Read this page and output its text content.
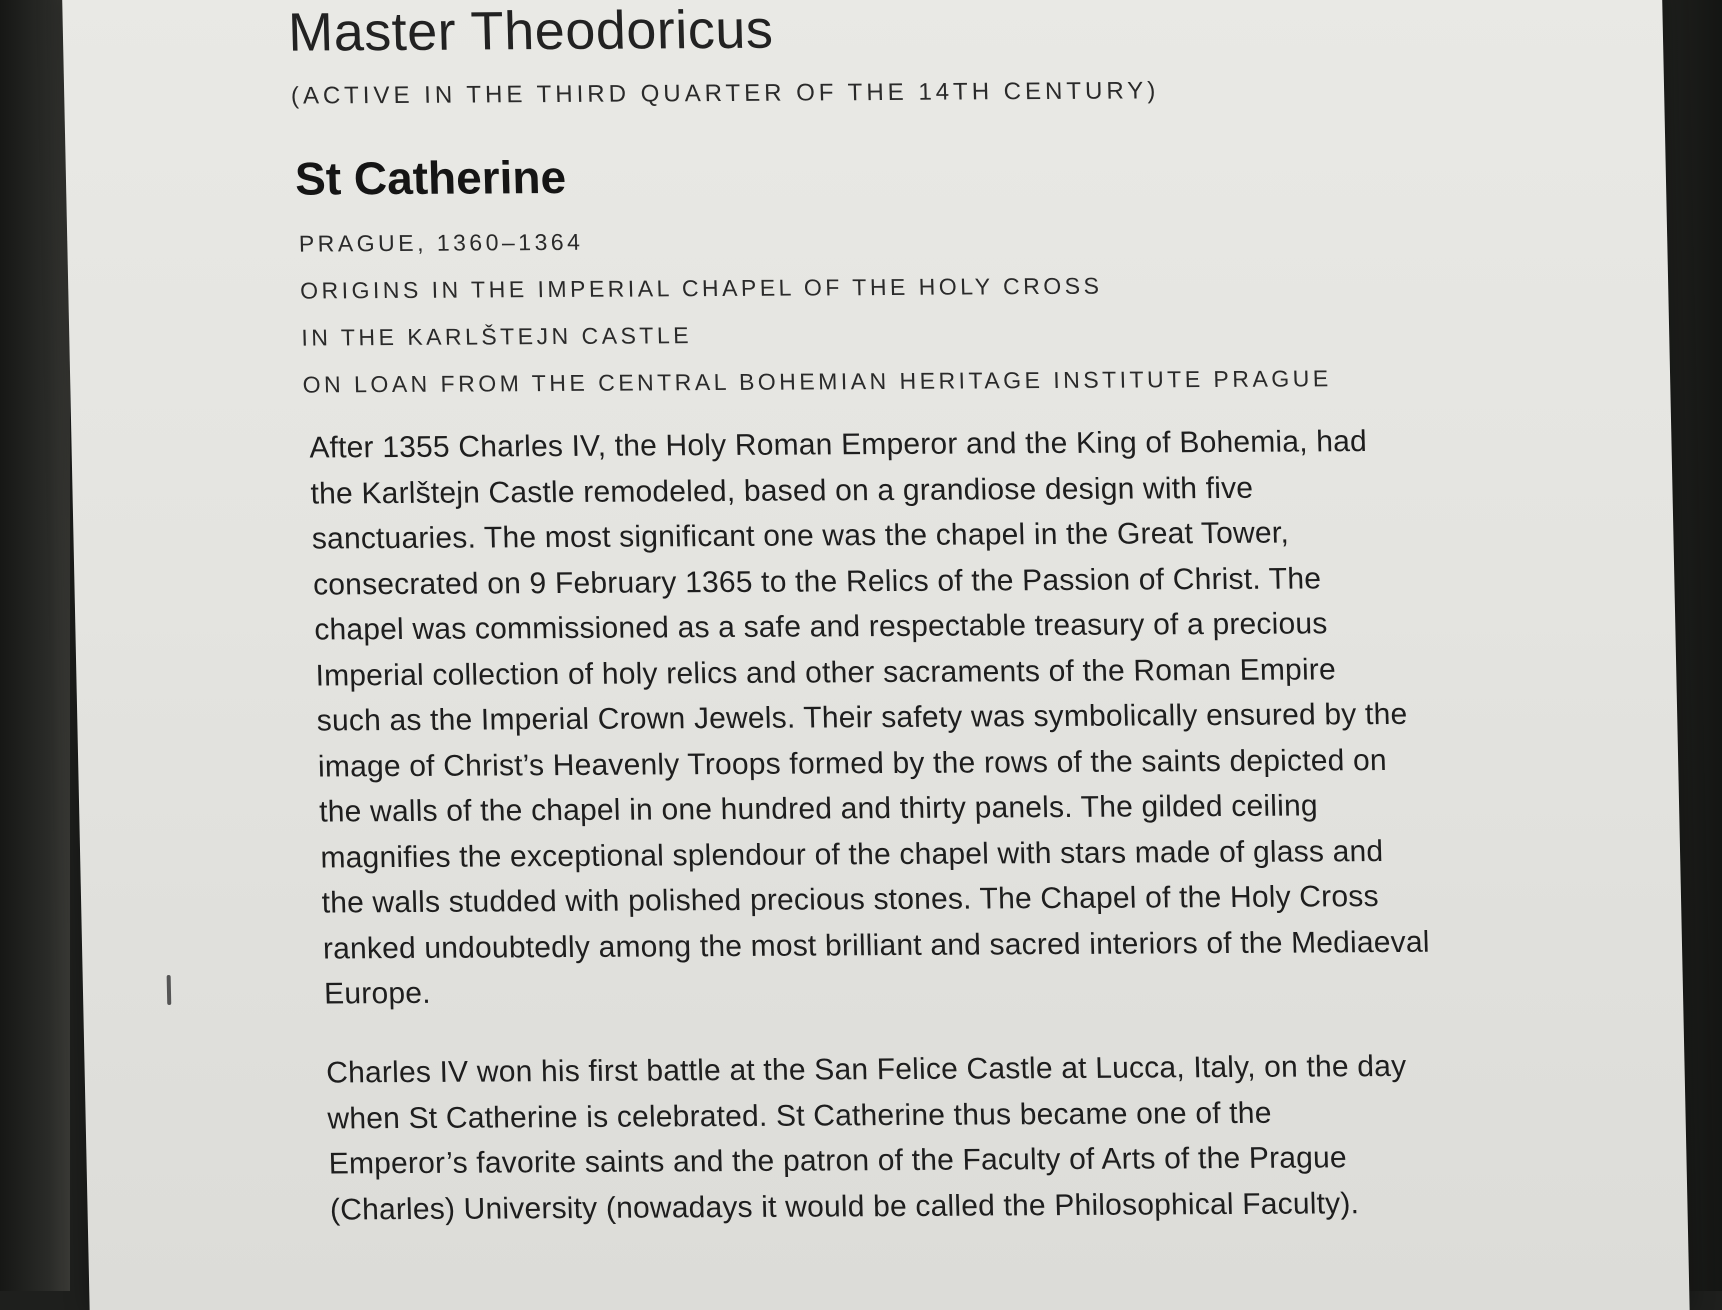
Master Theodoricus
(ACTIVE IN THE THIRD QUARTER OF THE 14TH CENTURY)
St Catherine
PRAGUE, 1360–1364
ORIGINS IN THE IMPERIAL CHAPEL OF THE HOLY CROSS
IN THE KARLŠTEJN CASTLE
ON LOAN FROM THE CENTRAL BOHEMIAN HERITAGE INSTITUTE PRAGUE

After 1355 Charles IV, the Holy Roman Emperor and the King of Bohemia, had
the Karlštejn Castle remodeled, based on a grandiose design with five
sanctuaries. The most significant one was the chapel in the Great Tower,
consecrated on 9 February 1365 to the Relics of the Passion of Christ. The
chapel was commissioned as a safe and respectable treasury of a precious
Imperial collection of holy relics and other sacraments of the Roman Empire
such as the Imperial Crown Jewels. Their safety was symbolically ensured by the
image of Christ’s Heavenly Troops formed by the rows of the saints depicted on
the walls of the chapel in one hundred and thirty panels. The gilded ceiling
magnifies the exceptional splendour of the chapel with stars made of glass and
the walls studded with polished precious stones. The Chapel of the Holy Cross
ranked undoubtedly among the most brilliant and sacred interiors of the Mediaeval
Europe.

Charles IV won his first battle at the San Felice Castle at Lucca, Italy, on the day
when St Catherine is celebrated. St Catherine thus became one of the
Emperor’s favorite saints and the patron of the Faculty of Arts of the Prague
(Charles) University (nowadays it would be called the Philosophical Faculty).
